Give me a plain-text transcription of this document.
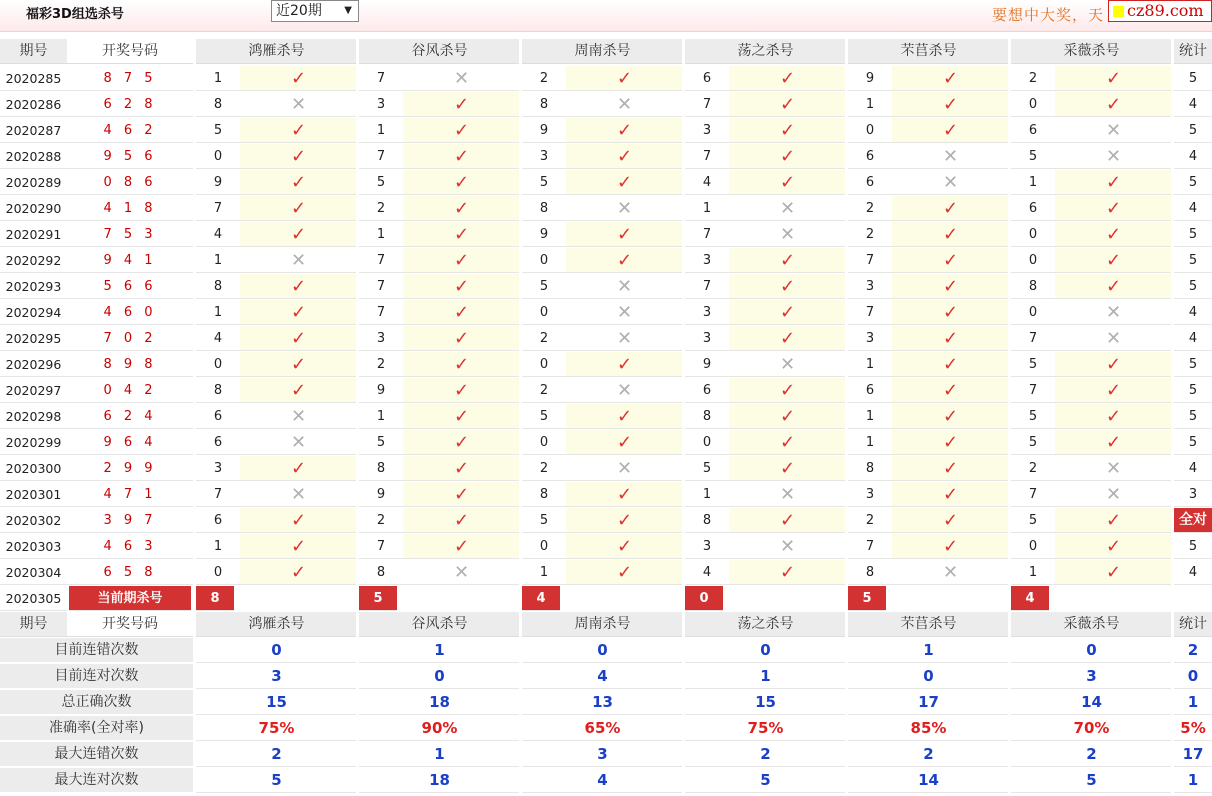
福彩3D组选杀号	近20期 ▼	要想中大奖，天	cz89.com
期号	开奖号码	鸿雁杀号	谷风杀号	周南杀号	荡之杀号	芣苢杀号	采薇杀号	统计
2020285	8 7 5	1	✓	7	✕	2	✓	6	✓	9	✓	2	✓	5
2020286	6 2 8	8	✕	3	✓	8	✕	7	✓	1	✓	0	✓	4
2020287	4 6 2	5	✓	1	✓	9	✓	3	✓	0	✓	6	✕	5
2020288	9 5 6	0	✓	7	✓	3	✓	7	✓	6	✕	5	✕	4
2020289	0 8 6	9	✓	5	✓	5	✓	4	✓	6	✕	1	✓	5
2020290	4 1 8	7	✓	2	✓	8	✕	1	✕	2	✓	6	✓	4
2020291	7 5 3	4	✓	1	✓	9	✓	7	✕	2	✓	0	✓	5
2020292	9 4 1	1	✕	7	✓	0	✓	3	✓	7	✓	0	✓	5
2020293	5 6 6	8	✓	7	✓	5	✕	7	✓	3	✓	8	✓	5
2020294	4 6 0	1	✓	7	✓	0	✕	3	✓	7	✓	0	✕	4
2020295	7 0 2	4	✓	3	✓	2	✕	3	✓	3	✓	7	✕	4
2020296	8 9 8	0	✓	2	✓	0	✓	9	✕	1	✓	5	✓	5
2020297	0 4 2	8	✓	9	✓	2	✕	6	✓	6	✓	7	✓	5
2020298	6 2 4	6	✕	1	✓	5	✓	8	✓	1	✓	5	✓	5
2020299	9 6 4	6	✕	5	✓	0	✓	0	✓	1	✓	5	✓	5
2020300	2 9 9	3	✓	8	✓	2	✕	5	✓	8	✓	2	✕	4
2020301	4 7 1	7	✕	9	✓	8	✓	1	✕	3	✓	7	✕	3
2020302	3 9 7	6	✓	2	✓	5	✓	8	✓	2	✓	5	✓	全对
2020303	4 6 3	1	✓	7	✓	0	✓	3	✕	7	✓	0	✓	5
2020304	6 5 8	0	✓	8	✕	1	✓	4	✓	8	✕	1	✓	4
2020305	当前期杀号	8	5	4	0	5	4
期号	开奖号码	鸿雁杀号	谷风杀号	周南杀号	荡之杀号	芣苢杀号	采薇杀号	统计
目前连错次数	0	1	0	0	1	0	2
目前连对次数	3	0	4	1	0	3	0
总正确次数	15	18	13	15	17	14	1
准确率(全对率)	75%	90%	65%	75%	85%	70%	5%
最大连错次数	2	1	3	2	2	2	17
最大连对次数	5	18	4	5	14	5	1
